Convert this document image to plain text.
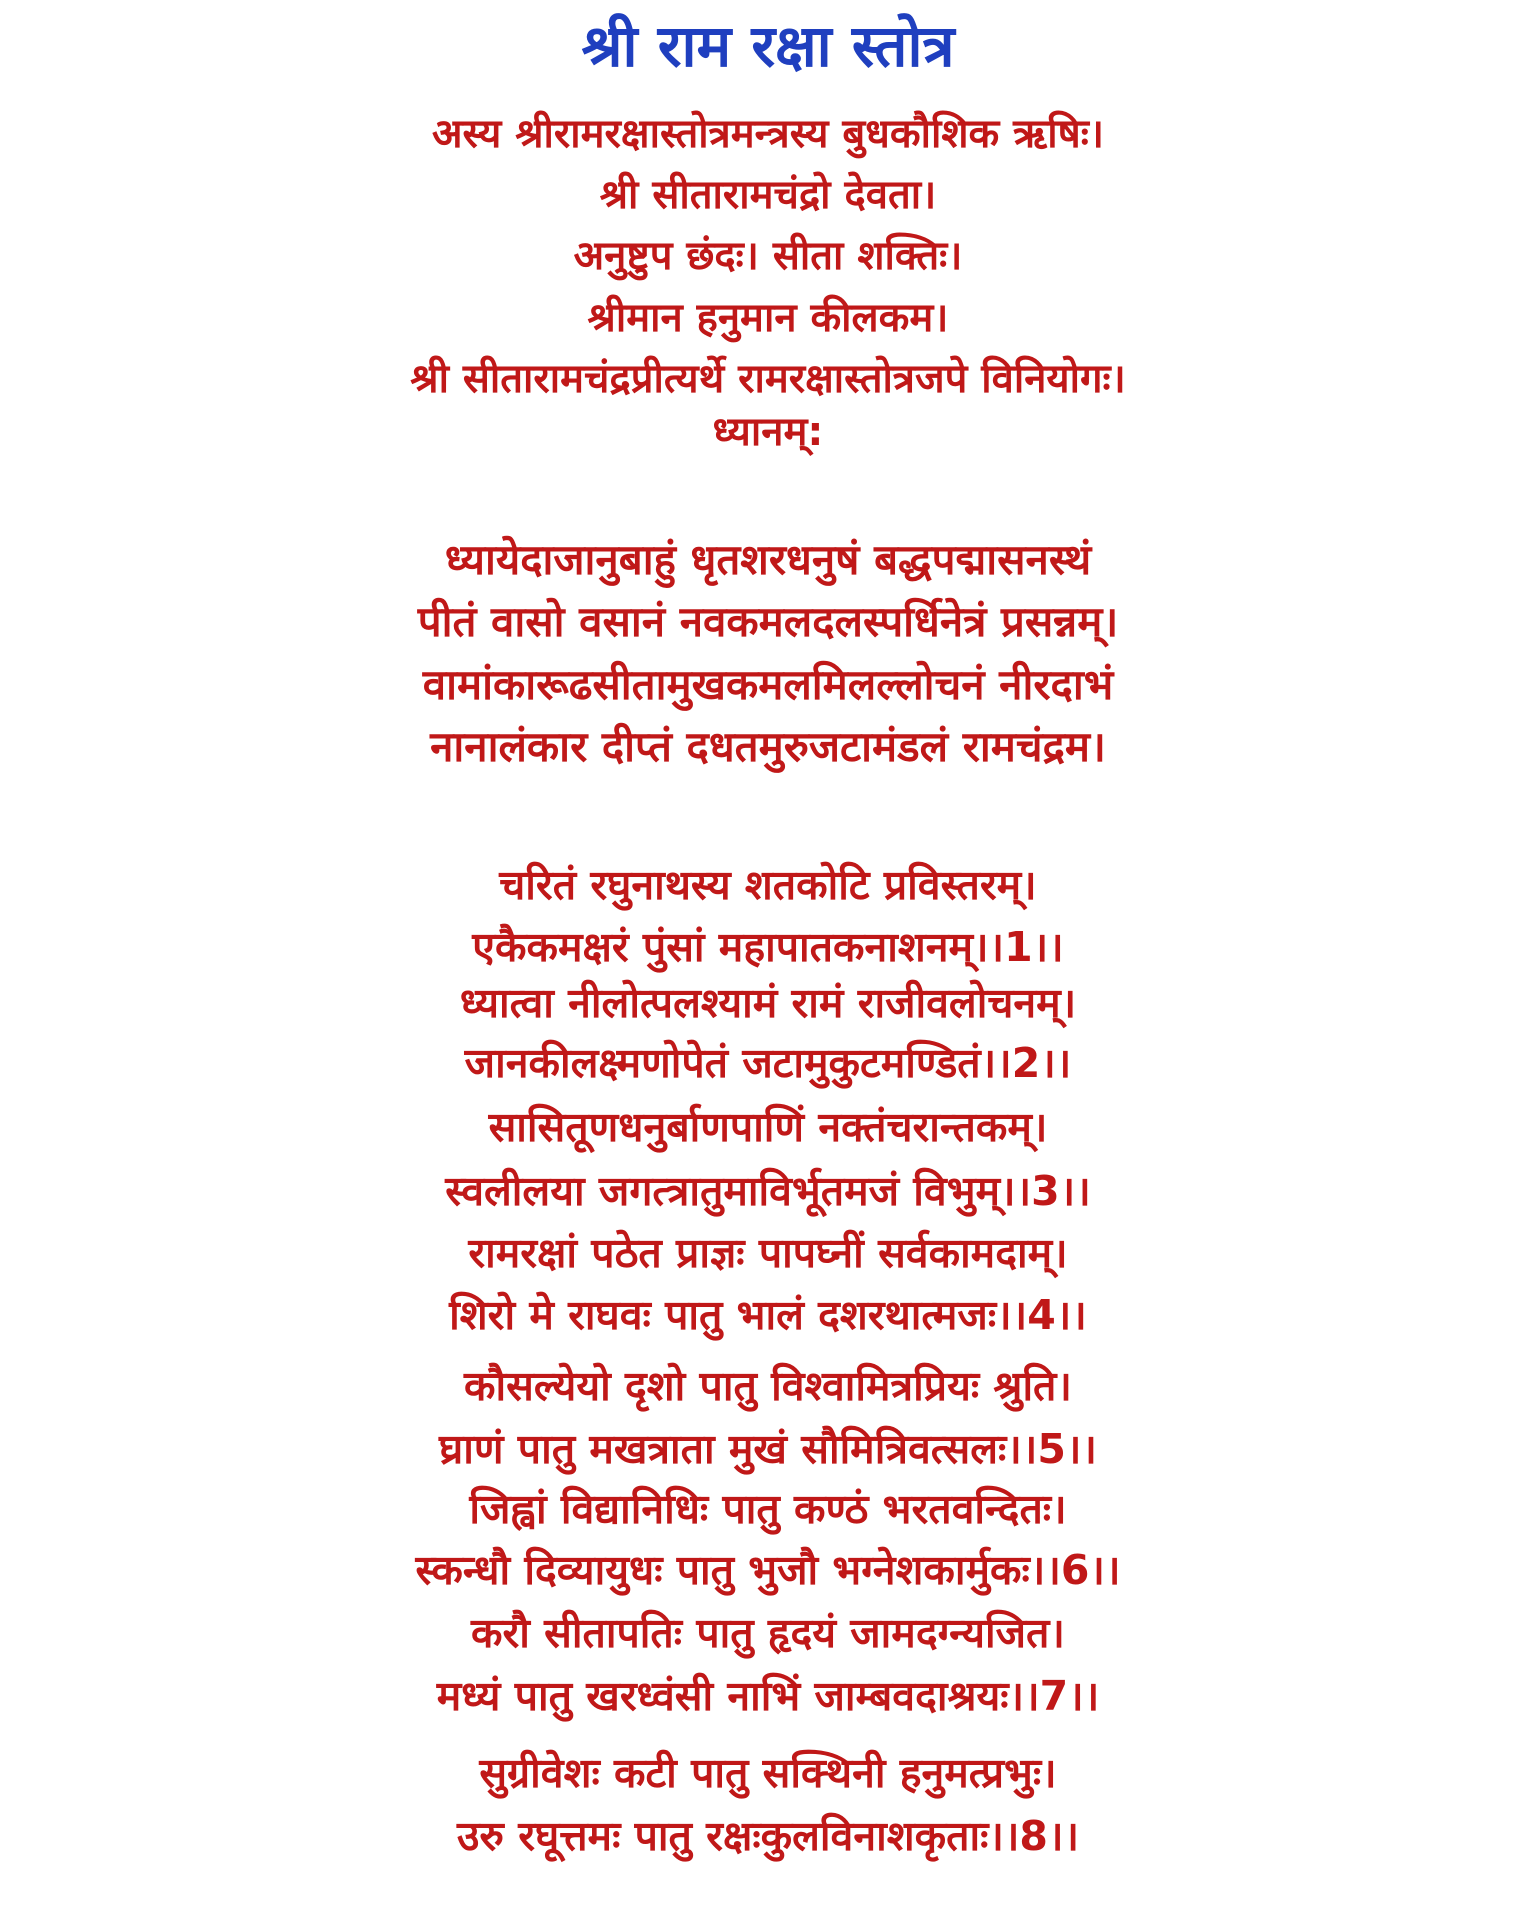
श्री राम रक्षा स्तोत्र
अस्य श्रीरामरक्षास्तोत्रमन्त्रस्य बुधकौशिक ऋषिः।
श्री सीतारामचंद्रो देवता।
अनुष्टुप छंदः। सीता शक्तिः।
श्रीमान हनुमान कीलकम।
श्री सीतारामचंद्रप्रीत्यर्थे रामरक्षास्तोत्रजपे विनियोगः।
ध्यानम्:
ध्यायेदाजानुबाहुं धृतशरधनुषं बद्धपद्मासनस्थं
पीतं वासो वसानं नवकमलदलस्पर्धिनेत्रं प्रसन्नम्।
वामांकारूढसीतामुखकमलमिलल्लोचनं नीरदाभं
नानालंकार दीप्तं दधतमुरुजटामंडलं रामचंद्रम।
चरितं रघुनाथस्य शतकोटि प्रविस्तरम्।
एकैकमक्षरं पुंसां महापातकनाशनम्।।1।।
ध्यात्वा नीलोत्पलश्यामं रामं राजीवलोचनम्।
जानकीलक्ष्मणोपेतं जटामुकुटमण्डितं।।2।।
सासितूणधनुर्बाणपाणिं नक्तंचरान्तकम्।
स्वलीलया जगत्त्रातुमाविर्भूतमजं विभुम्।।3।।
रामरक्षां पठेत प्राज्ञः पापघ्नीं सर्वकामदाम्।
शिरो मे राघवः पातु भालं दशरथात्मजः।।4।।
कौसल्येयो दृशो पातु विश्वामित्रप्रियः श्रुति।
घ्राणं पातु मखत्राता मुखं सौमित्रिवत्सलः।।5।।
जिह्वां विद्यानिधिः पातु कण्ठं भरतवन्दितः।
स्कन्धौ दिव्यायुधः पातु भुजौ भग्नेशकार्मुकः।।6।।
करौ सीतापतिः पातु हृदयं जामदग्न्यजित।
मध्यं पातु खरध्वंसी नाभिं जाम्बवदाश्रयः।।7।।
सुग्रीवेशः कटी पातु सक्थिनी हनुमत्प्रभुः।
उरु रघूत्तमः पातु रक्षःकुलविनाशकृताः।।8।।
